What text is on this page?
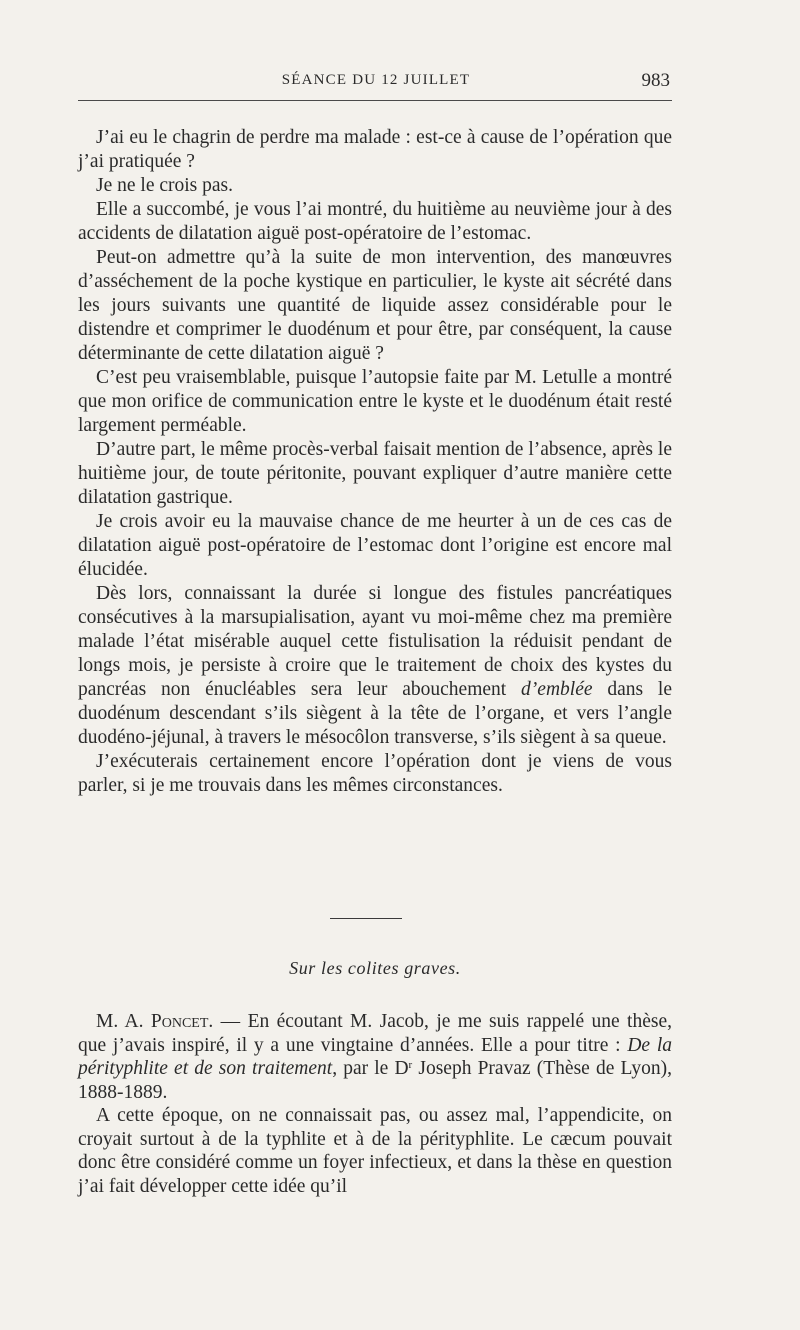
SÉANCE DU 12 JUILLET	983

J’ai eu le chagrin de perdre ma malade : est-ce à cause de l’opération que j’ai pratiquée ?

Je ne le crois pas.

Elle a succombé, je vous l’ai montré, du huitième au neuvième jour à des accidents de dilatation aiguë post-opératoire de l’estomac.

Peut-on admettre qu’à la suite de mon intervention, des manœuvres d’asséchement de la poche kystique en particulier, le kyste ait sécrété dans les jours suivants une quantité de liquide assez considérable pour le distendre et comprimer le duodénum et pour être, par conséquent, la cause déterminante de cette dilatation aiguë ?

C’est peu vraisemblable, puisque l’autopsie faite par M. Letulle a montré que mon orifice de communication entre le kyste et le duodénum était resté largement perméable.

D’autre part, le même procès-verbal faisait mention de l’absence, après le huitième jour, de toute péritonite, pouvant expliquer d’autre manière cette dilatation gastrique.

Je crois avoir eu la mauvaise chance de me heurter à un de ces cas de dilatation aiguë post-opératoire de l’estomac dont l’origine est encore mal élucidée.

Dès lors, connaissant la durée si longue des fistules pancréatiques consécutives à la marsupialisation, ayant vu moi-même chez ma première malade l’état misérable auquel cette fistulisation la réduisit pendant de longs mois, je persiste à croire que le traitement de choix des kystes du pancréas non énucléables sera leur abouchement d’emblée dans le duodénum descendant s’ils siègent à la tête de l’organe, et vers l’angle duodéno-jéjunal, à travers le mésocôlon transverse, s’ils siègent à sa queue.

J’exécuterais certainement encore l’opération dont je viens de vous parler, si je me trouvais dans les mêmes circonstances.

Sur les colites graves.

M. A. Poncet. — En écoutant M. Jacob, je me suis rappelé une thèse, que j’avais inspiré, il y a une vingtaine d’années. Elle a pour titre : De la pérityphlite et de son traitement, par le $D^r$ Joseph Pravaz (Thèse de Lyon), 1888-1889.

A cette époque, on ne connaissait pas, ou assez mal, l’appendicite, on croyait surtout à de la typhlite et à de la pérityphlite. Le cæcum pouvait donc être considéré comme un foyer infectieux, et dans la thèse en question j’ai fait développer cette idée qu’il
